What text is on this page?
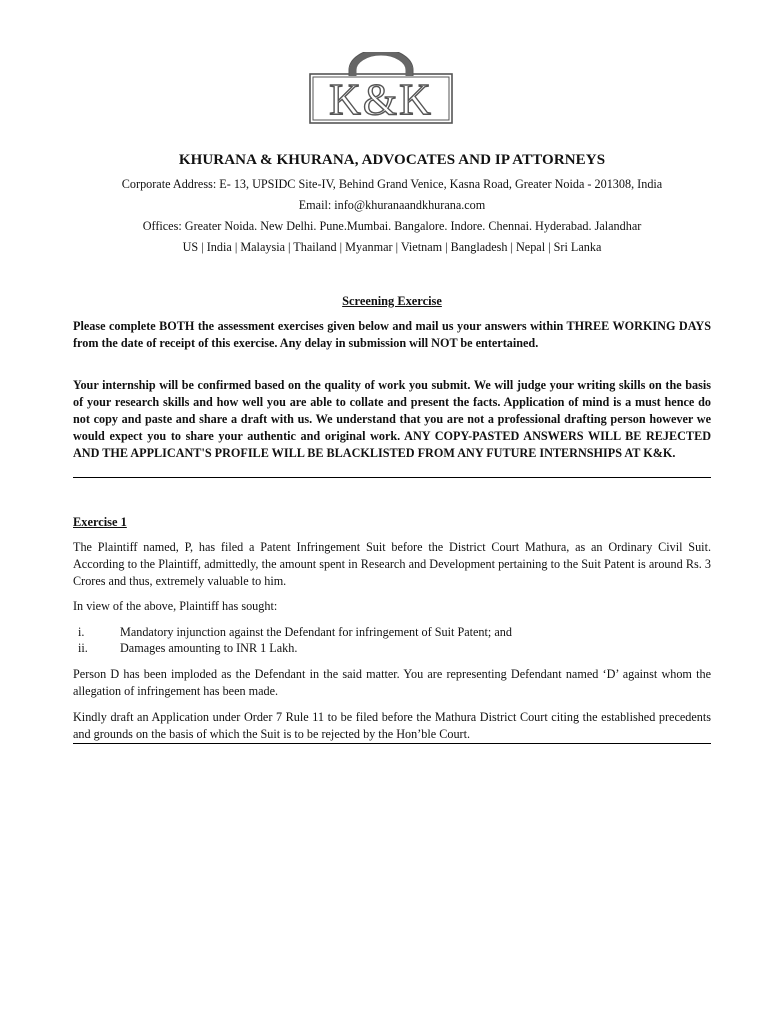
K&K
KHURANA & KHURANA, ADVOCATES AND IP ATTORNEYS
Corporate Address: E- 13, UPSIDC Site-IV, Behind Grand Venice, Kasna Road, Greater Noida - 201308, India
Email: info@khuranaandkhurana.com
Offices: Greater Noida. New Delhi. Pune.Mumbai. Bangalore. Indore. Chennai. Hyderabad. Jalandhar
US | India | Malaysia | Thailand | Myanmar | Vietnam | Bangladesh | Nepal | Sri Lanka
Screening Exercise
Please complete BOTH the assessment exercises given below and mail us your answers within THREE WORKING DAYS from the date of receipt of this exercise. Any delay in submission will NOT be entertained.
Your internship will be confirmed based on the quality of work you submit. We will judge your writing skills on the basis of your research skills and how well you are able to collate and present the facts. Application of mind is a must hence do not copy and paste and share a draft with us. We understand that you are not a professional drafting person however we would expect you to share your authentic and original work. ANY COPY-PASTED ANSWERS WILL BE REJECTED AND THE APPLICANT'S PROFILE WILL BE BLACKLISTED FROM ANY FUTURE INTERNSHIPS AT K&K.
Exercise 1
The Plaintiff named, P, has filed a Patent Infringement Suit before the District Court Mathura, as an Ordinary Civil Suit. According to the Plaintiff, admittedly, the amount spent in Research and Development pertaining to the Suit Patent is around Rs. 3 Crores and thus, extremely valuable to him.
In view of the above, Plaintiff has sought:
i.	Mandatory injunction against the Defendant for infringement of Suit Patent; and
ii.	Damages amounting to INR 1 Lakh.
Person D has been imploded as the Defendant in the said matter. You are representing Defendant named ‘D’ against whom the allegation of infringement has been made.
Kindly draft an Application under Order 7 Rule 11 to be filed before the Mathura District Court citing the established precedents and grounds on the basis of which the Suit is to be rejected by the Hon’ble Court.
